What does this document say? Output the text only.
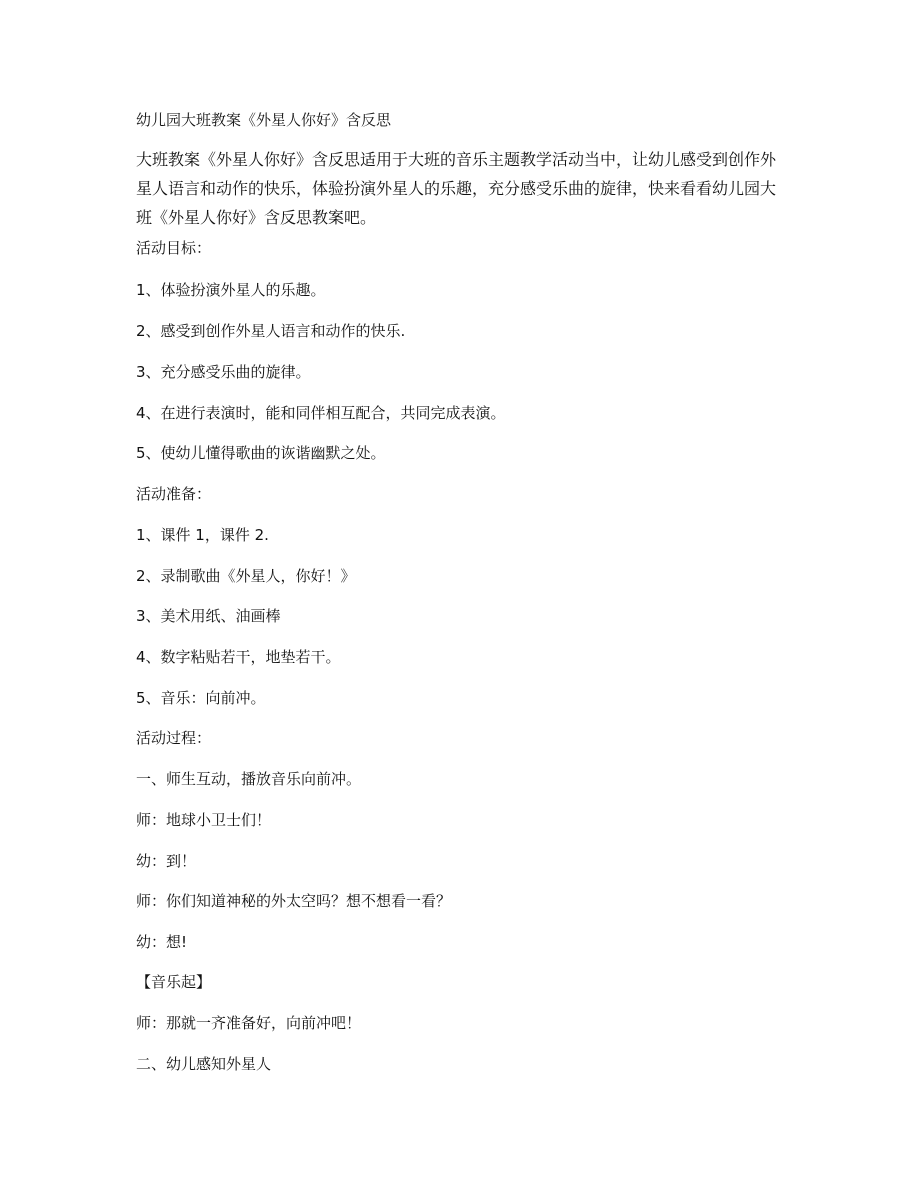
幼儿园大班教案《外星人你好》含反思
大班教案《外星人你好》含反思适用于大班的音乐主题教学活动当中，让幼儿感受到创作外星人语言和动作的快乐，体验扮演外星人的乐趣，充分感受乐曲的旋律，快来看看幼儿园大班《外星人你好》含反思教案吧。
活动目标：
1、体验扮演外星人的乐趣。
2、感受到创作外星人语言和动作的快乐.
3、充分感受乐曲的旋律。
4、在进行表演时，能和同伴相互配合，共同完成表演。
5、使幼儿懂得歌曲的诙谐幽默之处。
活动准备：
1、课件 1，课件 2.
2、录制歌曲《外星人，你好！》
3、美术用纸、油画棒
4、数字粘贴若干，地垫若干。
5、音乐：向前冲。
活动过程：
一、师生互动，播放音乐向前冲。
师：地球小卫士们！
幼：到！
师：你们知道神秘的外太空吗？想不想看一看？
幼：想!
【音乐起】
师：那就一齐准备好，向前冲吧！
二、幼儿感知外星人
